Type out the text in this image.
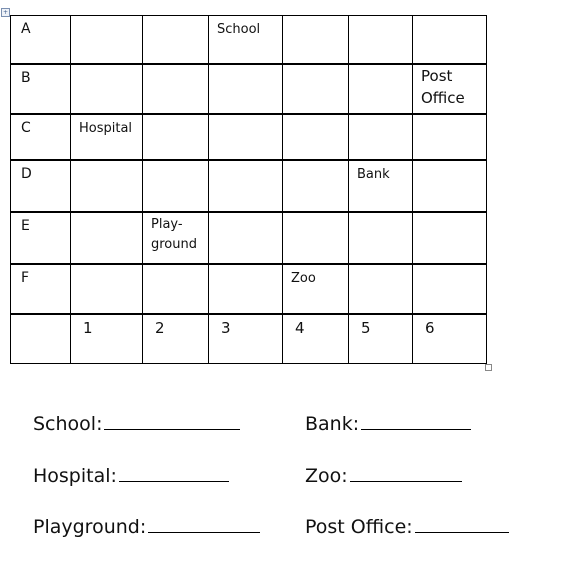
+
A			School			

B						Post
Office

C	Hospital					

D					Bank	

E		Play-
ground				

F				Zoo		

	1	2	3	4	5	6
School:	Bank:
Hospital:	Zoo:
Playground:	Post Office:
